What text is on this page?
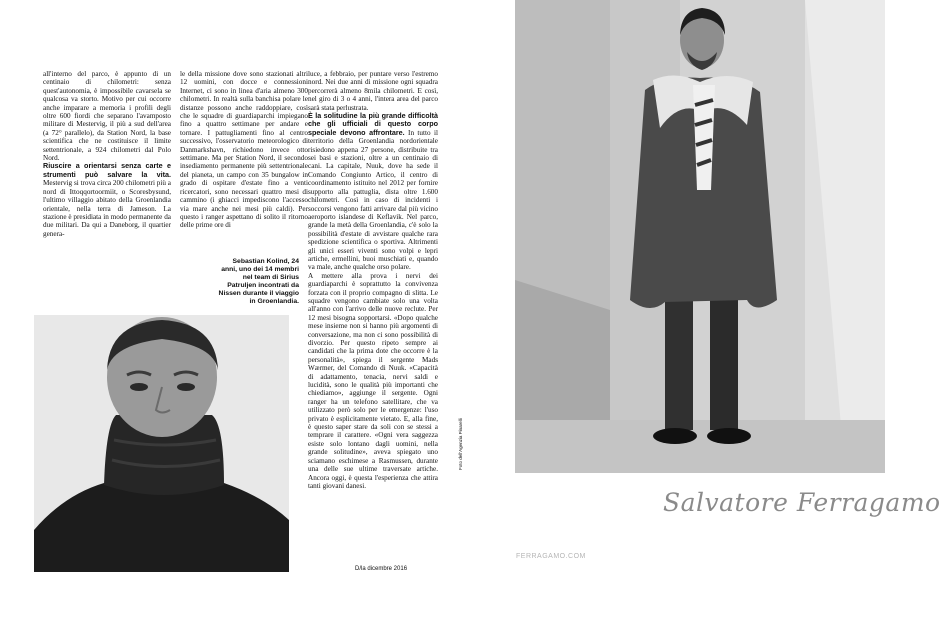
all'interno del parco, è appunto di un centinaio di chilometri: senza quest'autonomia, è impossibile cavarsela se qualcosa va storto. Motivo per cui occorre anche imparare a memoria i profili degli oltre 600 fiordi che separano l'avamposto militare di Mestervig, il più a sud dell'area (a 72° parallelo), da Station Nord, la base scientifica che ne costituisce il limite settentrionale, a 924 chilometri dal Polo Nord.

Riuscire a orientarsi senza carte e strumenti può salvare la vita. Mestervig si trova circa 200 chilometri più a nord di Ittoqqortoormiit, o Scoresbysund, l'ultimo villaggio abitato della Groenlandia orientale, nella terra di Jameson. La stazione è presidiata in modo permanente da due militari. Da qui a Daneborg, il quartier genera-

le della missione dove sono stazionati altri 12 uomini, con docce e connessioni Internet, ci sono in linea d'aria almeno 300 chilometri. In realtà sulla banchisa polare le distanze possono anche raddoppiare, così che le squadre di guardiaparchi impiegano fino a quattro settimane per andare e tornare. I pattugliamenti fino al centro successivo, l'osservatorio meteorologico di Danmarkshavn, richiedono invece otto settimane. Ma per Station Nord, il secondo insediamento permanente più settentrionale del pianeta, un campo con 35 bungalow in grado di ospitare d'estate fino a venti ricercatori, sono necessari quattro mesi di cammino (i ghiacci impediscono l'accesso via mare anche nei mesi più caldi). Per questo i ranger aspettano di solito il ritorno delle prime ore di

luce, a febbraio, per puntare verso l'estremo nord. Nei due anni di missione ogni squadra percorrerà almeno 8mila chilometri. E così, nel giro di 3 o 4 anni, l'intera area del parco sarà stata perlustrata.

È la solitudine la più grande difficoltà che gli ufficiali di questo corpo speciale devono affrontare. In tutto il territorio della Groenlandia nordorientale risiedono appena 27 persone, distribuite tra sei basi e stazioni, oltre a un centinaio di cani. La capitale, Nuuk, dove ha sede il Comando Congiunto Artico, il centro di coordinamento istituito nel 2012 per fornire supporto alla pattuglia, dista oltre 1.600 chilometri. Così in caso di incidenti i soccorsi vengono fatti arrivare dal più vicino aeroporto islandese di Keflavik. Nel parco, grande la metà della Groenlandia, c'è solo la possibilità d'estate di avvistare qualche rara spedizione scientifica o sportiva. Altrimenti gli unici esseri viventi sono volpi e lepri artiche, ermellini, buoi muschiati e, quando va male, anche qualche orso polare.

A mettere alla prova i nervi dei guardiaparchi è soprattutto la convivenza forzata con il proprio compagno di slitta. Le squadre vengono cambiate solo una volta all'anno con l'arrivo delle nuove reclute. Per 12 mesi bisogna sopportarsi. «Dopo qualche mese insieme non si hanno più argomenti di conversazione, ma non ci sono possibilità di divorzio. Per questo ripeto sempre ai candidati che la prima dote che occorre è la personalità», spiega il sergente Mads Wærmer, del Comando di Nuuk. «Capacità di adattamento, tenacia, nervi saldi e lucidità, sono le qualità più importanti che chiediamo», aggiunge il sergente. Ogni ranger ha un telefono satellitare, che va utilizzato però solo per le emergenze: l'uso privato è esplicitamente vietato. E, alla fine, è questo saper stare da soli con se stessi a temprare il carattere. «Ogni vera saggezza esiste solo lontano dagli uomini, nella grande solitudine», aveva spiegato uno sciamano eschimese a Rasmussen, durante una delle sue ultime traversate artiche. Ancora oggi, è questa l'esperienza che attira tanti giovani danesi.

Sebastian Kolind, 24 anni, uno dei 14 membri nel team di Sirius Patruljen incontrati da Nissen durante il viaggio in Groenlandia.
D/la dicembre 2016
Foto dell'Agenzia Pinarelli
Salvatore Ferragamo
FERRAGAMO.COM
